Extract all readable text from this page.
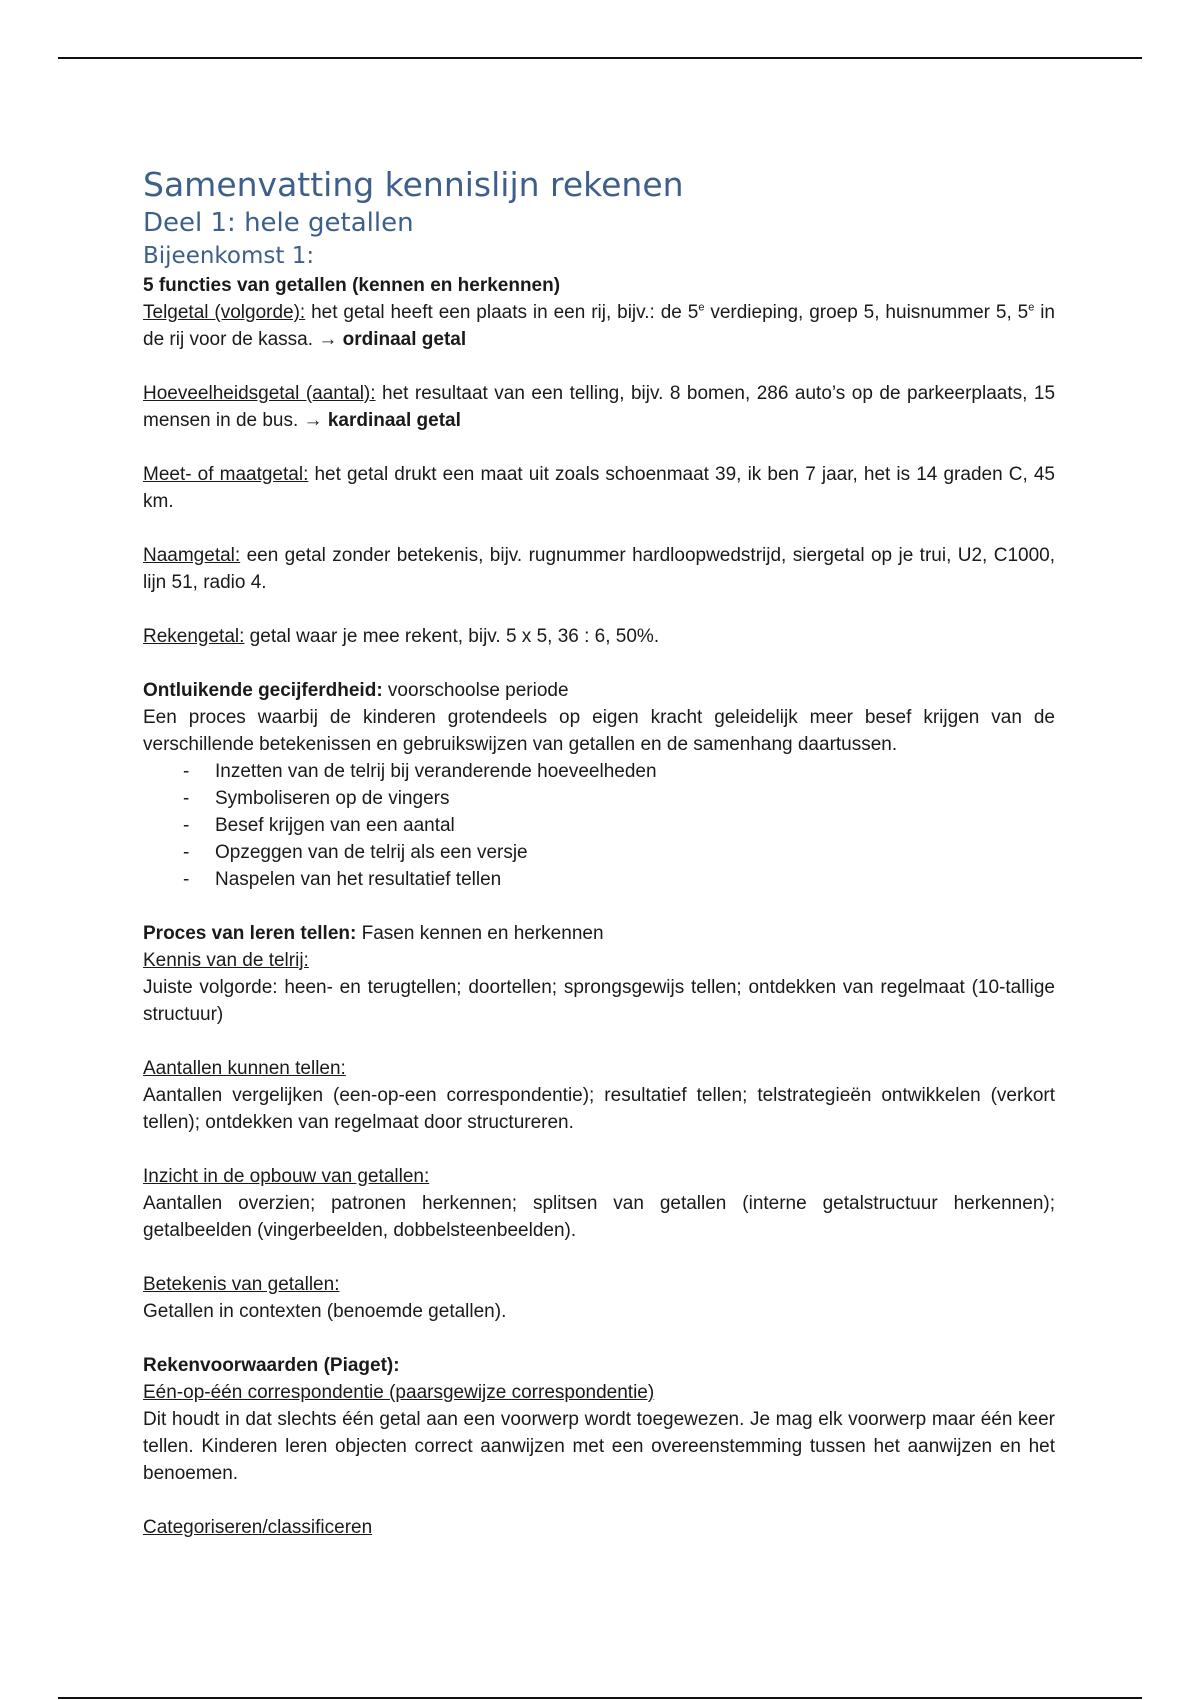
Samenvatting kennislijn rekenen
Deel 1: hele getallen
Bijeenkomst 1:

5 functies van getallen (kennen en herkennen)

Telgetal (volgorde): het getal heeft een plaats in een rij, bijv.: de 5e verdieping, groep 5, huisnummer 5, 5e in de rij voor de kassa. → ordinaal getal

Hoeveelheidsgetal (aantal): het resultaat van een telling, bijv. 8 bomen, 286 auto’s op de parkeerplaats, 15 mensen in de bus. → kardinaal getal

Meet- of maatgetal: het getal drukt een maat uit zoals schoenmaat 39, ik ben 7 jaar, het is 14 graden C, 45 km.

Naamgetal: een getal zonder betekenis, bijv. rugnummer hardloopwedstrijd, siergetal op je trui, U2, C1000, lijn 51, radio 4.

Rekengetal: getal waar je mee rekent, bijv. 5 x 5, 36 : 6, 50%.

Ontluikende gecijferdheid: voorschoolse periode

Een proces waarbij de kinderen grotendeels op eigen kracht geleidelijk meer besef krijgen van de verschillende betekenissen en gebruikswijzen van getallen en de samenhang daartussen.

- Inzetten van de telrij bij veranderende hoeveelheden
- Symboliseren op de vingers
- Besef krijgen van een aantal
- Opzeggen van de telrij als een versje
- Naspelen van het resultatief tellen

Proces van leren tellen: Fasen kennen en herkennen

Kennis van de telrij:

Juiste volgorde: heen- en terugtellen; doortellen; sprongsgewijs tellen; ontdekken van regelmaat (10-tallige structuur)

Aantallen kunnen tellen:

Aantallen vergelijken (een-op-een correspondentie); resultatief tellen; telstrategieën ontwikkelen (verkort tellen); ontdekken van regelmaat door structureren.

Inzicht in de opbouw van getallen:

Aantallen overzien; patronen herkennen; splitsen van getallen (interne getalstructuur herkennen); getalbeelden (vingerbeelden, dobbelsteenbeelden).

Betekenis van getallen:

Getallen in contexten (benoemde getallen).

Rekenvoorwaarden (Piaget):

Eén-op-één correspondentie (paarsgewijze correspondentie)

Dit houdt in dat slechts één getal aan een voorwerp wordt toegewezen. Je mag elk voorwerp maar één keer tellen. Kinderen leren objecten correct aanwijzen met een overeenstemming tussen het aanwijzen en het benoemen.

Categoriseren/classificeren
